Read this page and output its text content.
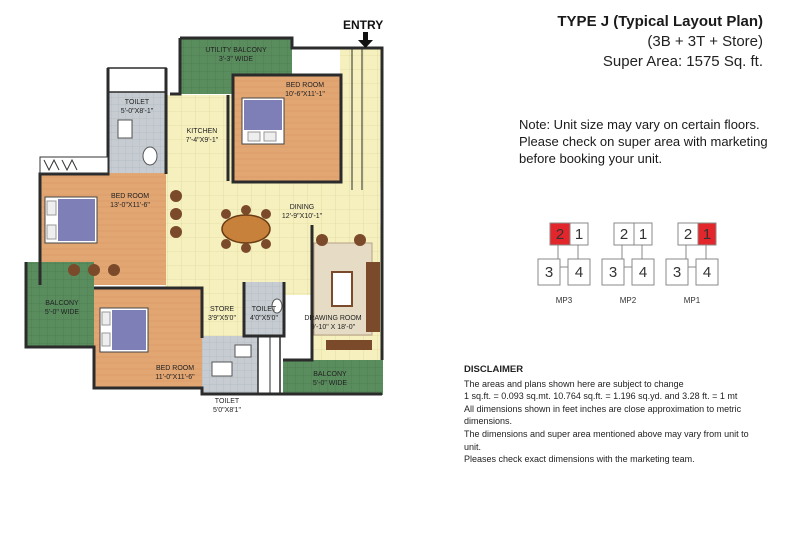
ENTRY
UTILITY BALCONY
3'-3" WIDE
BED ROOM
10'-6"X11'-1"
TOILET
5'-0"X8'-1"
KITCHEN
7'-4"X9'-1"
BED ROOM
13'-0"X11'-6"	DINING
12'-9"X10'-1"
BALCONY
5'-0" WIDE	STORE
3'9"X5'0"
TOILET
4'0"X5'0"	DRAWING ROOM
9'-10" X 18'-0"
BED ROOM
11'-0"X11'-6"	BALCONY
5'-0" WIDE
TOILET
5'0"X8'1"
TYPE J (Typical Layout Plan)
(3B + 3T + Store)
Super Area: 1575 Sq. ft.
Note: Unit size may vary on certain floors.
Please check on super area with marketing
before booking your unit.
2 1
3 4
MP3
2 1
3 4
MP2
2 1
3 4
MP1
DISCLAIMER
The areas and plans shown here are subject to change
1 sq.ft. = 0.093 sq.mt. 10.764 sq.ft. = 1.196 sq.yd. and 3.28 ft. = 1 mt
All dimensions shown in feet inches are close approximation to metric
dimensions.
The dimensions and super area mentioned above may vary from unit to
unit.
Pleases check exact dimensions with the marketing team.
